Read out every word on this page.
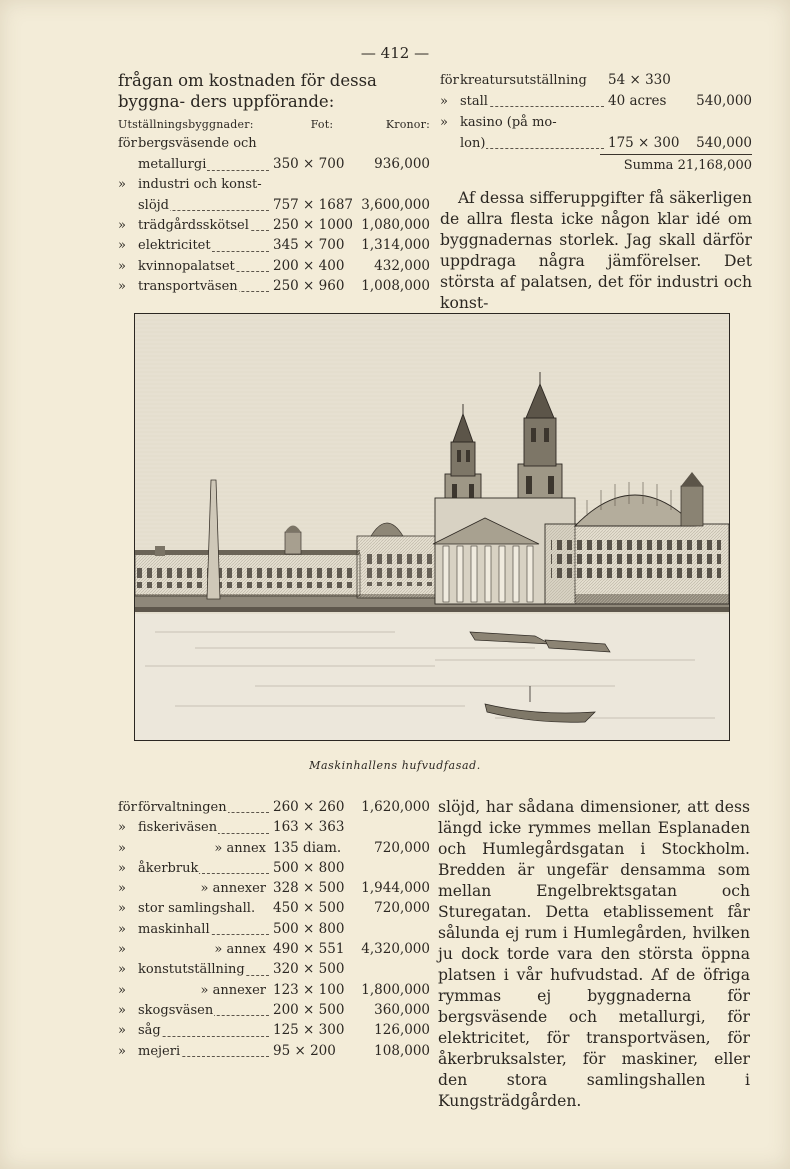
— 412 —

frågan om kostnaden för dessa byggna- ders uppförande:

Utställningsbyggnader:	Fot:	Kronor:
för bergsväsende och
metallurgi	350 × 700	936,000
» industri och konst-
slöjd	757 × 1687 3,600,000
» trädgårdsskötsel	250 × 1000 1,080,000
» elektricitet	345 × 700	1,314,000
» kvinnopalatset	200 × 400	432,000
» transportväsen	250 × 960	1,008,000
för kreatursutställning	54 × 330
» stall	40 acres	540,000
» kasino (på mo-
lon)	175 × 300	540,000
Summa 21,168,000

Af dessa sifferuppgifter få säkerligen de allra flesta icke någon klar idé om byggnadernas storlek. Jag skall därför uppdraga några jämförelser. Det största af palatsen, det för industri och konst-

Maskinhallens hufvudfasad.
för förvaltningen	260 × 260	1,620,000
» fiskeriväsen	163 × 363
»	» annex 135 diam.	720,000
» åkerbruk	500 × 800
»	» annexer 328 × 500	1,944,000
» stor samlingshall.	450 × 500	720,000
» maskinhall	500 × 800
»	» annex 490 × 551	4,320,000
» konstutställning	320 × 500
»	» annexer 123 × 100	1,800,000
» skogsväsen	200 × 500	360,000
» såg	125 × 300	126,000
» mejeri	95 × 200	108,000

slöjd, har sådana dimensioner, att dess längd icke rymmes mellan Esplanaden och Humlegårdsgatan i Stockholm. Bredden är ungefär densamma som mellan Engelbrektsgatan och Sturegatan. Detta etablissement får sålunda ej rum i Humlegården, hvilken ju dock torde vara den största öppna platsen i vår hufvudstad. Af de öfriga rymmas ej byggnaderna för bergsväsende och metallurgi, för elektricitet, för transportväsen, för åkerbruksalster, för maskiner, eller den stora samlingshallen i Kungsträdgården.
